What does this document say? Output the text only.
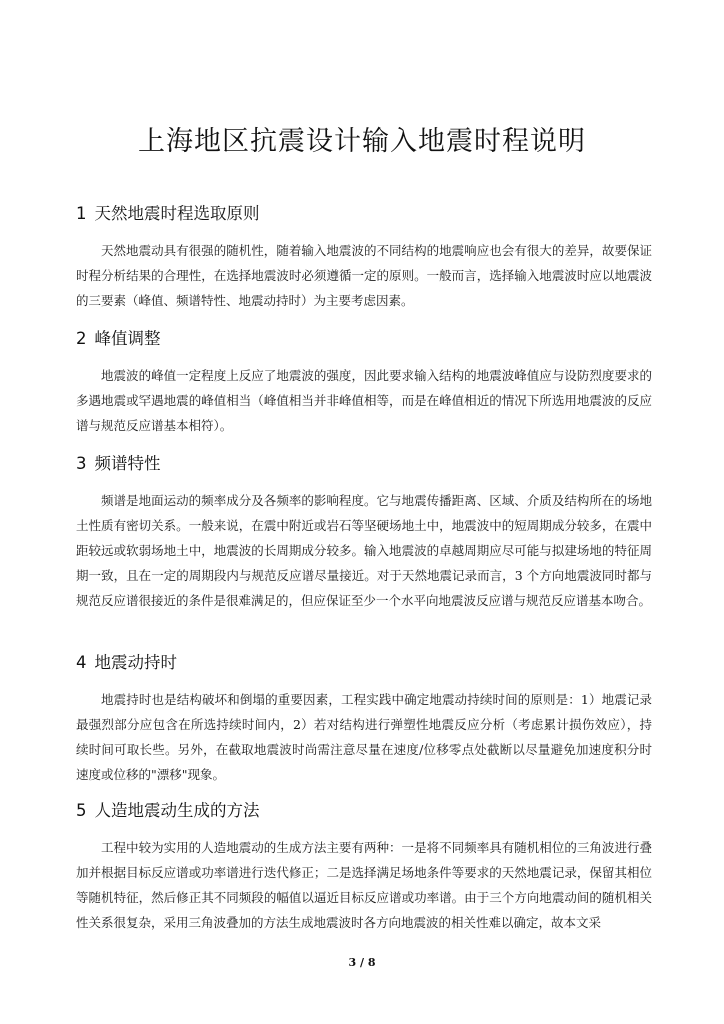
上海地区抗震设计输入地震时程说明
1 天然地震时程选取原则

天然地震动具有很强的随机性，随着输入地震波的不同结构的地震响应也会有很大的差异，故要保证时程分析结果的合理性，在选择地震波时必须遵循一定的原则。一般而言，选择输入地震波时应以地震波的三要素（峰值、频谱特性、地震动持时）为主要考虑因素。

2 峰值调整

地震波的峰值一定程度上反应了地震波的强度，因此要求输入结构的地震波峰值应与设防烈度要求的多遇地震或罕遇地震的峰值相当（峰值相当并非峰值相等，而是在峰值相近的情况下所选用地震波的反应谱与规范反应谱基本相符）。

3 频谱特性

频谱是地面运动的频率成分及各频率的影响程度。它与地震传播距离、区域、介质及结构所在的场地土性质有密切关系。一般来说，在震中附近或岩石等坚硬场地土中，地震波中的短周期成分较多，在震中距较远或软弱场地土中，地震波的长周期成分较多。输入地震波的卓越周期应尽可能与拟建场地的特征周期一致，且在一定的周期段内与规范反应谱尽量接近。对于天然地震记录而言，3 个方向地震波同时都与规范反应谱很接近的条件是很难满足的，但应保证至少一个水平向地震波反应谱与规范反应谱基本吻合。

4 地震动持时

地震持时也是结构破坏和倒塌的重要因素，工程实践中确定地震动持续时间的原则是：1）地震记录最强烈部分应包含在所选持续时间内，2）若对结构进行弹塑性地震反应分析（考虑累计损伤效应），持续时间可取长些。另外，在截取地震波时尚需注意尽量在速度/位移零点处截断以尽量避免加速度积分时速度或位移的"漂移"现象。

5 人造地震动生成的方法

工程中较为实用的人造地震动的生成方法主要有两种：一是将不同频率具有随机相位的三角波进行叠加并根据目标反应谱或功率谱进行迭代修正；二是选择满足场地条件等要求的天然地震记录，保留其相位等随机特征，然后修正其不同频段的幅值以逼近目标反应谱或功率谱。由于三个方向地震动间的随机相关性关系很复杂，采用三角波叠加的方法生成地震波时各方向地震波的相关性难以确定，故本文采

3 / 8
